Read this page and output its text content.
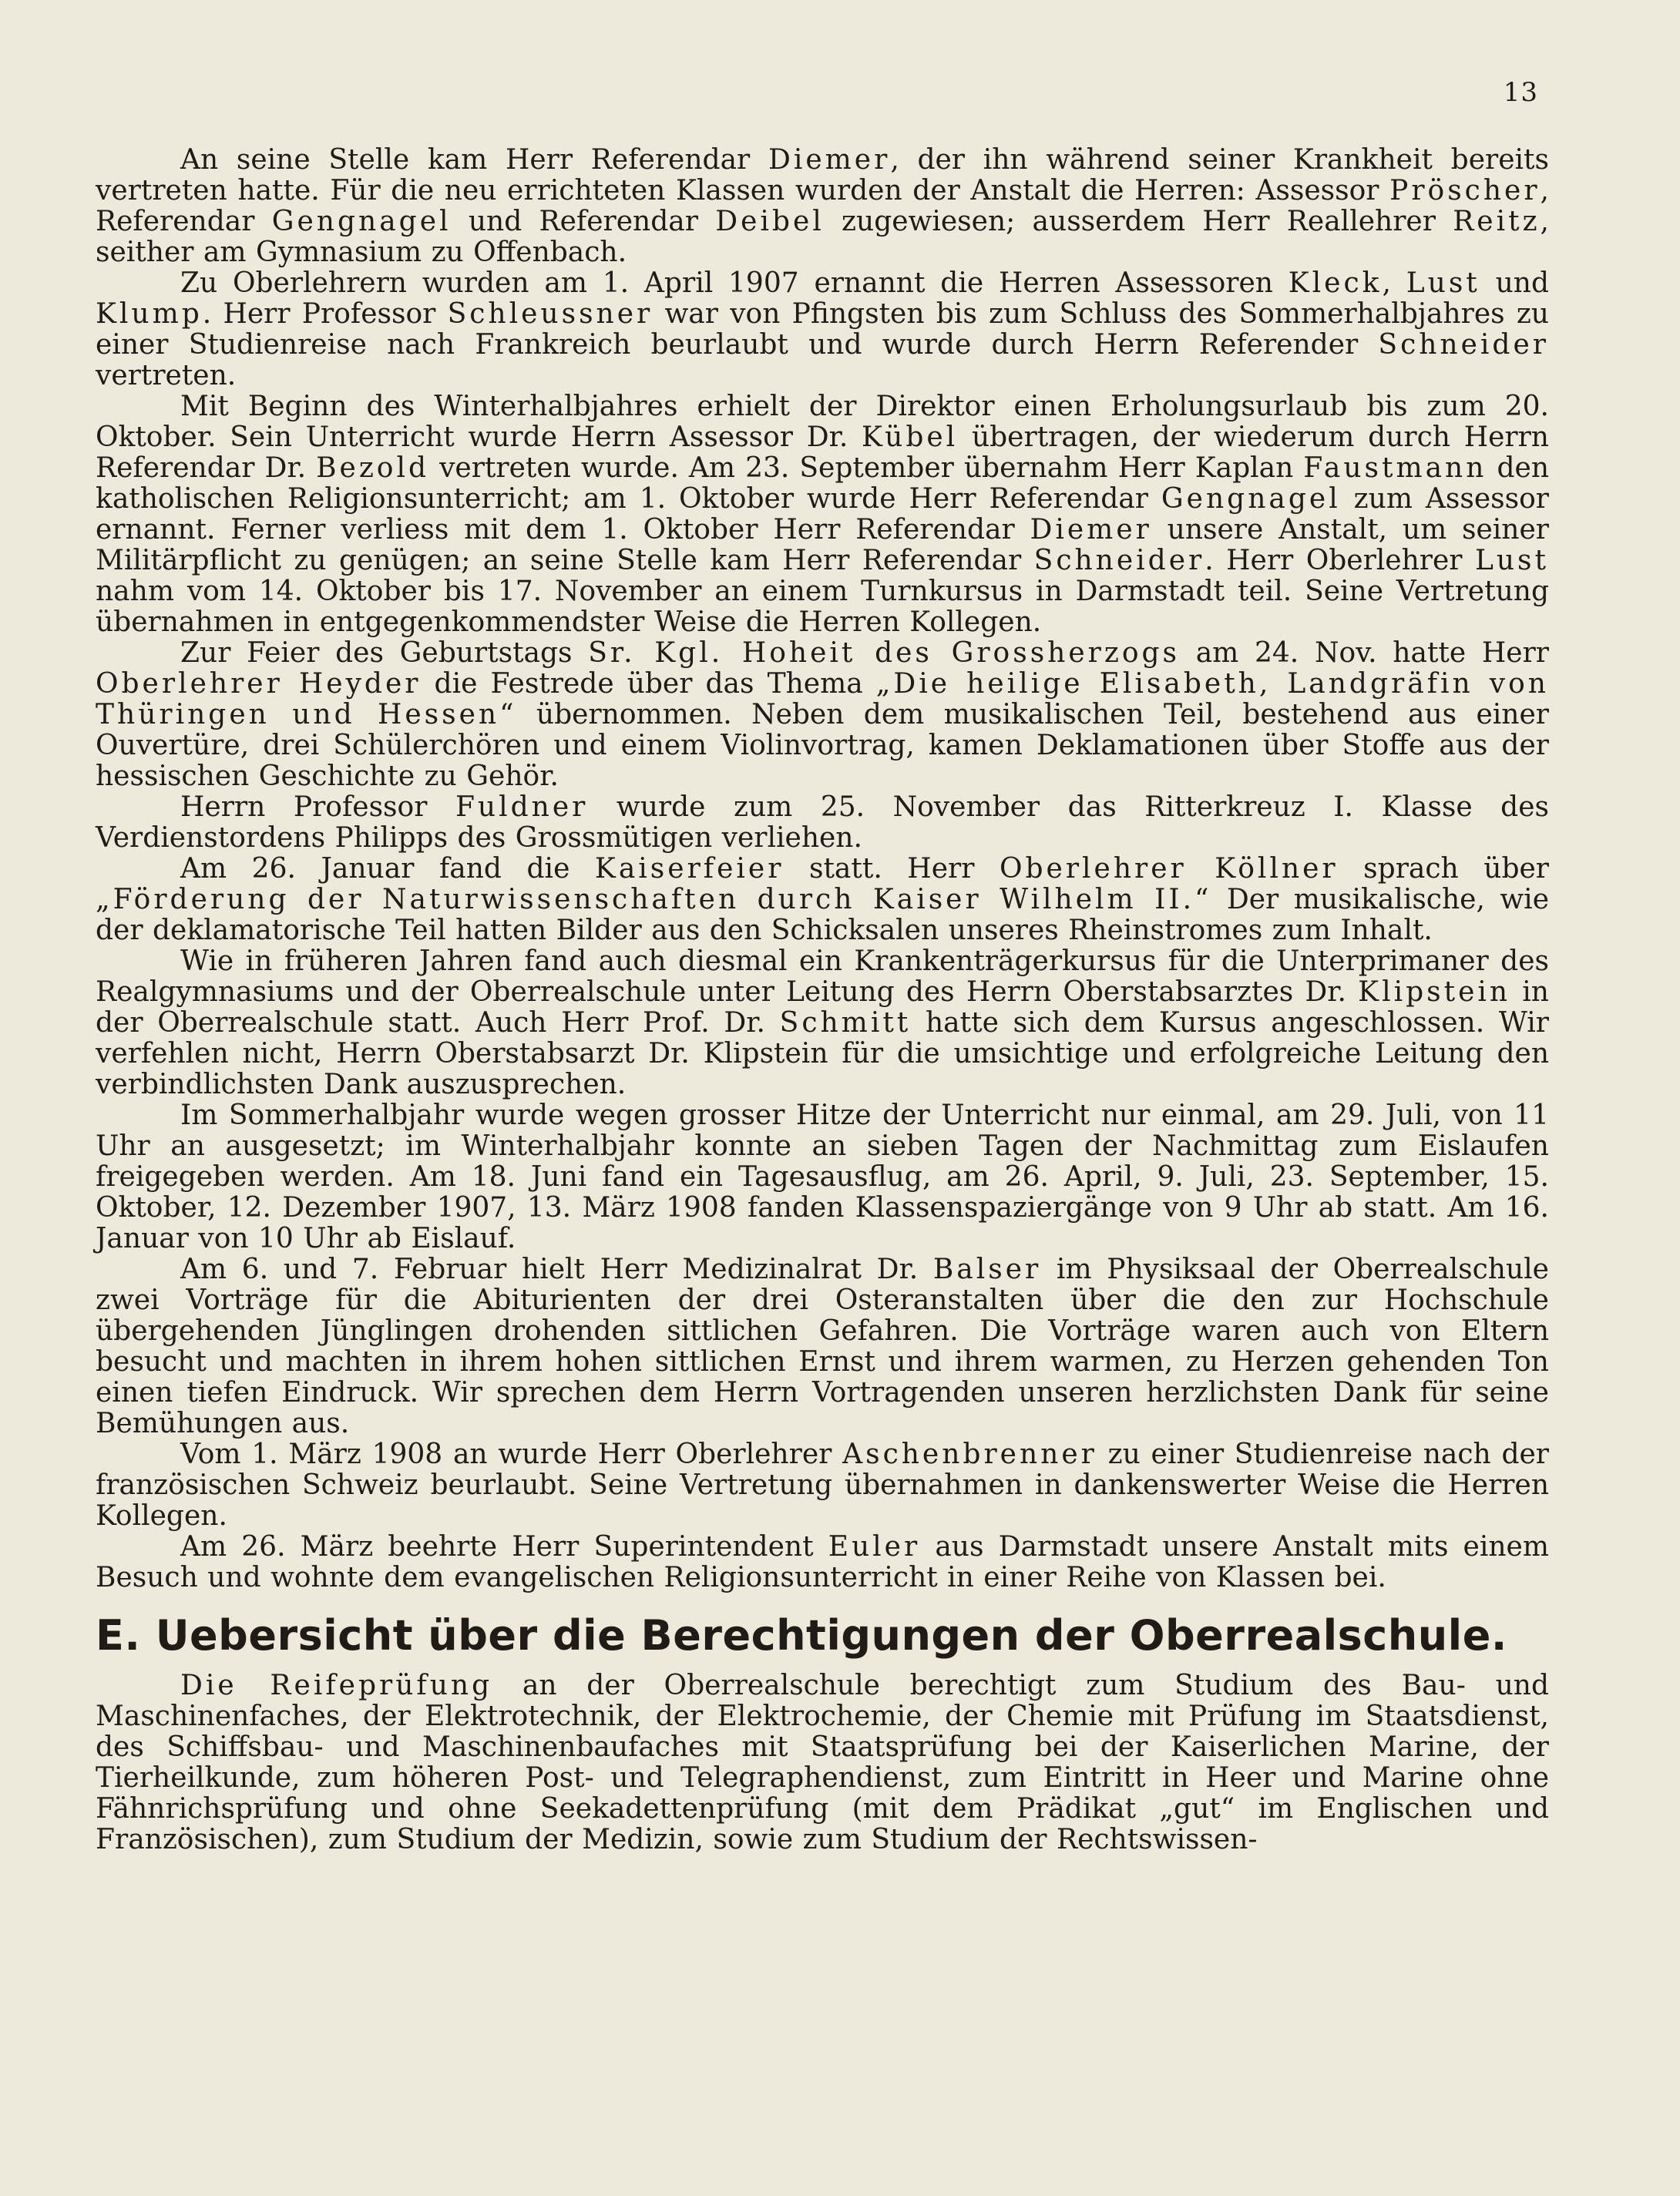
13

An seine Stelle kam Herr Referendar Diemer, der ihn während seiner Krankheit bereits vertreten hatte. Für die neu errichteten Klassen wurden der Anstalt die Herren: Assessor Pröscher, Referendar Gengnagel und Referendar Deibel zugewiesen; ausserdem Herr Reallehrer Reitz, seither am Gymnasium zu Offenbach.

Zu Oberlehrern wurden am 1. April 1907 ernannt die Herren Assessoren Kleck, Lust und Klump. Herr Professor Schleussner war von Pfingsten bis zum Schluss des Sommerhalbjahres zu einer Studienreise nach Frankreich beurlaubt und wurde durch Herrn Referender Schneider vertreten.

Mit Beginn des Winterhalbjahres erhielt der Direktor einen Erholungsurlaub bis zum 20. Oktober. Sein Unterricht wurde Herrn Assessor Dr. Kübel übertragen, der wiederum durch Herrn Referendar Dr. Bezold vertreten wurde. Am 23. September übernahm Herr Kaplan Faustmann den katholischen Religionsunterricht; am 1. Oktober wurde Herr Referendar Gengnagel zum Assessor ernannt. Ferner verliess mit dem 1. Oktober Herr Referendar Diemer unsere Anstalt, um seiner Militärpflicht zu genügen; an seine Stelle kam Herr Referendar Schneider. Herr Oberlehrer Lust nahm vom 14. Oktober bis 17. November an einem Turnkursus in Darmstadt teil. Seine Vertretung übernahmen in entgegenkommendster Weise die Herren Kollegen.

Zur Feier des Geburtstags Sr. Kgl. Hoheit des Grossherzogs am 24. Nov. hatte Herr Oberlehrer Heyder die Festrede über das Thema „Die heilige Elisabeth, Landgräfin von Thüringen und Hessen“ übernommen. Neben dem musikalischen Teil, bestehend aus einer Ouvertüre, drei Schülerchören und einem Violinvortrag, kamen Deklamationen über Stoffe aus der hessischen Geschichte zu Gehör.

Herrn Professor Fuldner wurde zum 25. November das Ritterkreuz I. Klasse des Verdienstordens Philipps des Grossmütigen verliehen.

Am 26. Januar fand die Kaiserfeier statt. Herr Oberlehrer Köllner sprach über „Förderung der Naturwissenschaften durch Kaiser Wilhelm II.“ Der musikalische, wie der deklamatorische Teil hatten Bilder aus den Schicksalen unseres Rheinstromes zum Inhalt.

Wie in früheren Jahren fand auch diesmal ein Krankenträgerkursus für die Unterprimaner des Realgymnasiums und der Oberrealschule unter Leitung des Herrn Oberstabsarztes Dr. Klipstein in der Oberrealschule statt. Auch Herr Prof. Dr. Schmitt hatte sich dem Kursus angeschlossen. Wir verfehlen nicht, Herrn Oberstabsarzt Dr. Klipstein für die umsichtige und erfolgreiche Leitung den verbindlichsten Dank auszusprechen.

Im Sommerhalbjahr wurde wegen grosser Hitze der Unterricht nur einmal, am 29. Juli, von 11 Uhr an ausgesetzt; im Winterhalbjahr konnte an sieben Tagen der Nachmittag zum Eislaufen freigegeben werden. Am 18. Juni fand ein Tagesausflug, am 26. April, 9. Juli, 23. September, 15. Oktober, 12. Dezember 1907, 13. März 1908 fanden Klassenspaziergänge von 9 Uhr ab statt. Am 16. Januar von 10 Uhr ab Eislauf.

Am 6. und 7. Februar hielt Herr Medizinalrat Dr. Balser im Physiksaal der Oberrealschule zwei Vorträge für die Abiturienten der drei Osteranstalten über die den zur Hochschule übergehenden Jünglingen drohenden sittlichen Gefahren. Die Vorträge waren auch von Eltern besucht und machten in ihrem hohen sittlichen Ernst und ihrem warmen, zu Herzen gehenden Ton einen tiefen Eindruck. Wir sprechen dem Herrn Vortragenden unseren herzlichsten Dank für seine Bemühungen aus.

Vom 1. März 1908 an wurde Herr Oberlehrer Aschenbrenner zu einer Studienreise nach der französischen Schweiz beurlaubt. Seine Vertretung übernahmen in dankenswerter Weise die Herren Kollegen.

Am 26. März beehrte Herr Superintendent Euler aus Darmstadt unsere Anstalt mits einem Besuch und wohnte dem evangelischen Religionsunterricht in einer Reihe von Klassen bei.

E. Uebersicht über die Berechtigungen der Oberrealschule.

Die Reifeprüfung an der Oberrealschule berechtigt zum Studium des Bau- und Maschinenfaches, der Elektrotechnik, der Elektrochemie, der Chemie mit Prüfung im Staatsdienst, des Schiffsbau- und Maschinenbaufaches mit Staatsprüfung bei der Kaiserlichen Marine, der Tierheilkunde, zum höheren Post- und Telegraphendienst, zum Eintritt in Heer und Marine ohne Fähnrichsprüfung und ohne Seekadettenprüfung (mit dem Prädikat „gut“ im Englischen und Französischen), zum Studium der Medizin, sowie zum Studium der Rechtswissen-
